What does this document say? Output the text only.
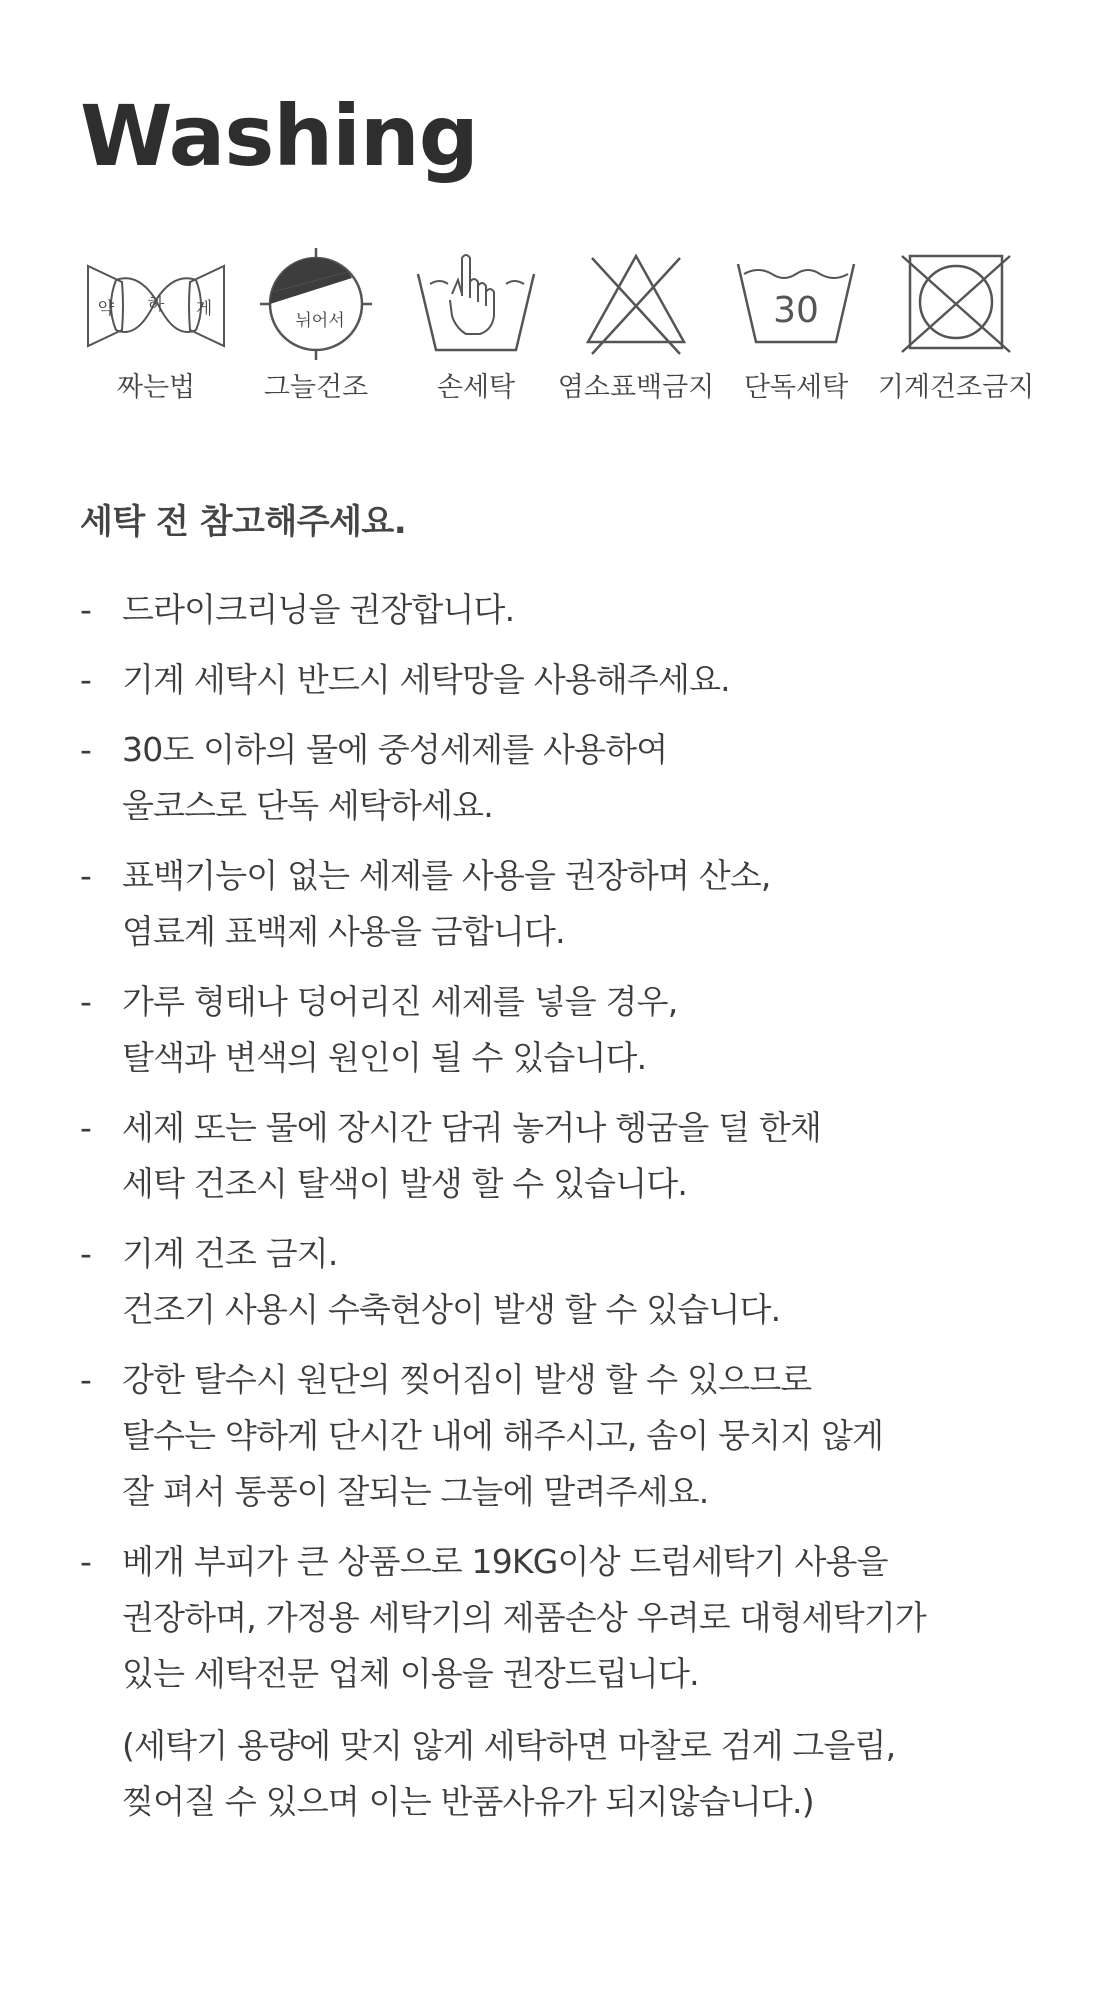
Washing
약 하 게
짜는법
뉘어서
그늘건조	손세탁	염소표백금지
30
단독세탁	기계건조금지
세탁 전 참고해주세요.
- 드라이크리닝을 권장합니다.
- 기계 세탁시 반드시 세탁망을 사용해주세요.
- 30도 이하의 물에 중성세제를 사용하여
울코스로 단독 세탁하세요.
- 표백기능이 없는 세제를 사용을 권장하며 산소,
염료계 표백제 사용을 금합니다.
- 가루 형태나 덩어리진 세제를 넣을 경우,
탈색과 변색의 원인이 될 수 있습니다.
- 세제 또는 물에 장시간 담궈 놓거나 헹굼을 덜 한채
세탁 건조시 탈색이 발생 할 수 있습니다.
- 기계 건조 금지.
건조기 사용시 수축현상이 발생 할 수 있습니다.
- 강한 탈수시 원단의 찢어짐이 발생 할 수 있으므로
탈수는 약하게 단시간 내에 해주시고, 솜이 뭉치지 않게
잘 펴서 통풍이 잘되는 그늘에 말려주세요.
- 베개 부피가 큰 상품으로 19KG이상 드럼세탁기 사용을
권장하며, 가정용 세탁기의 제품손상 우려로 대형세탁기가
있는 세탁전문 업체 이용을 권장드립니다.
(세탁기 용량에 맞지 않게 세탁하면 마찰로 검게 그을림,
찢어질 수 있으며 이는 반품사유가 되지않습니다.)
